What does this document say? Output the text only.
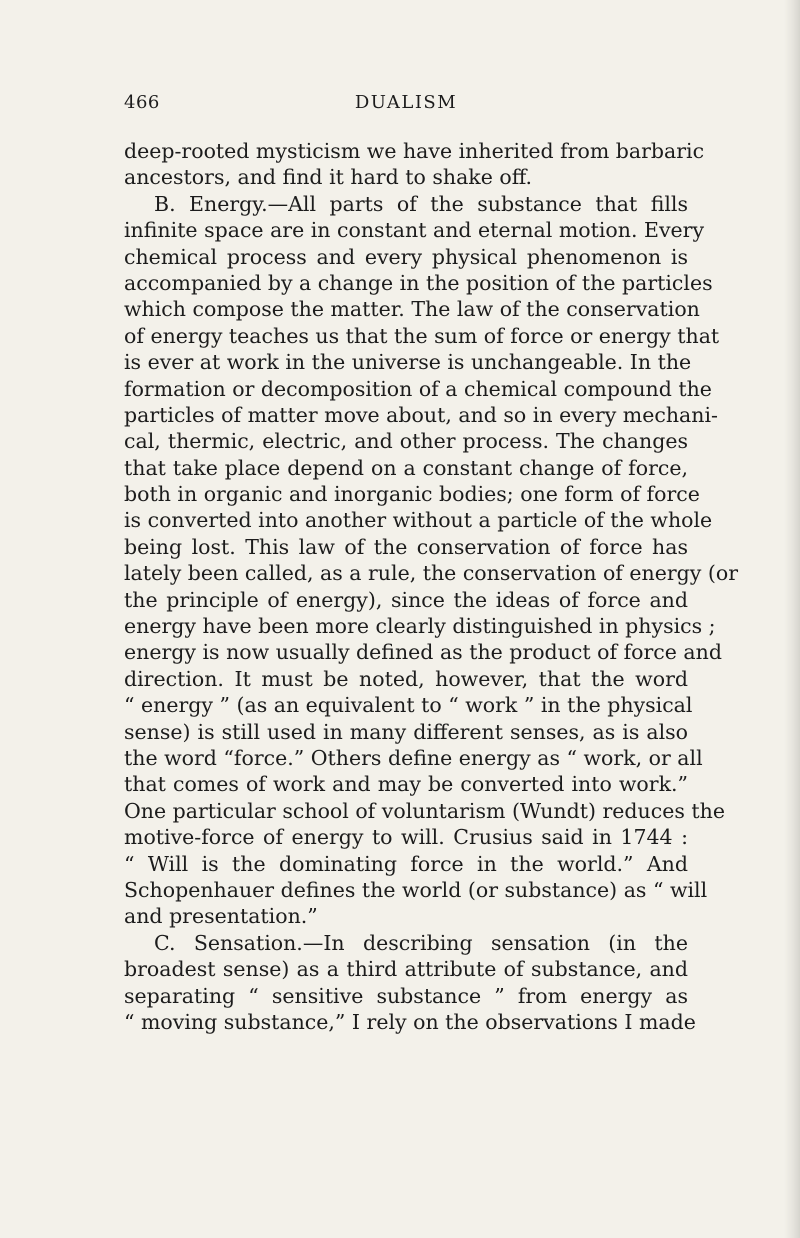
466	DUALISM
deep-rooted mysticism we have inherited from barbaric
ancestors, and find it hard to shake off.
B. Energy.—All parts of the substance that fills
infinite space are in constant and eternal motion. Every
chemical process and every physical phenomenon is
accompanied by a change in the position of the particles
which compose the matter. The law of the conservation
of energy teaches us that the sum of force or energy that
is ever at work in the universe is unchangeable. In the
formation or decomposition of a chemical compound the
particles of matter move about, and so in every mechani-
cal, thermic, electric, and other process. The changes
that take place depend on a constant change of force,
both in organic and inorganic bodies; one form of force
is converted into another without a particle of the whole
being lost. This law of the conservation of force has
lately been called, as a rule, the conservation of energy (or
the principle of energy), since the ideas of force and
energy have been more clearly distinguished in physics ;
energy is now usually defined as the product of force and
direction. It must be noted, however, that the word
“ energy ” (as an equivalent to “ work ” in the physical
sense) is still used in many different senses, as is also
the word “force.” Others define energy as “ work, or all
that comes of work and may be converted into work.”
One particular school of voluntarism (Wundt) reduces the
motive-force of energy to will. Crusius said in 1744 :
“ Will is the dominating force in the world.” And
Schopenhauer defines the world (or substance) as “ will
and presentation.”
C. Sensation.—In describing sensation (in the
broadest sense) as a third attribute of substance, and
separating “ sensitive substance ” from energy as
“ moving substance,” I rely on the observations I made
